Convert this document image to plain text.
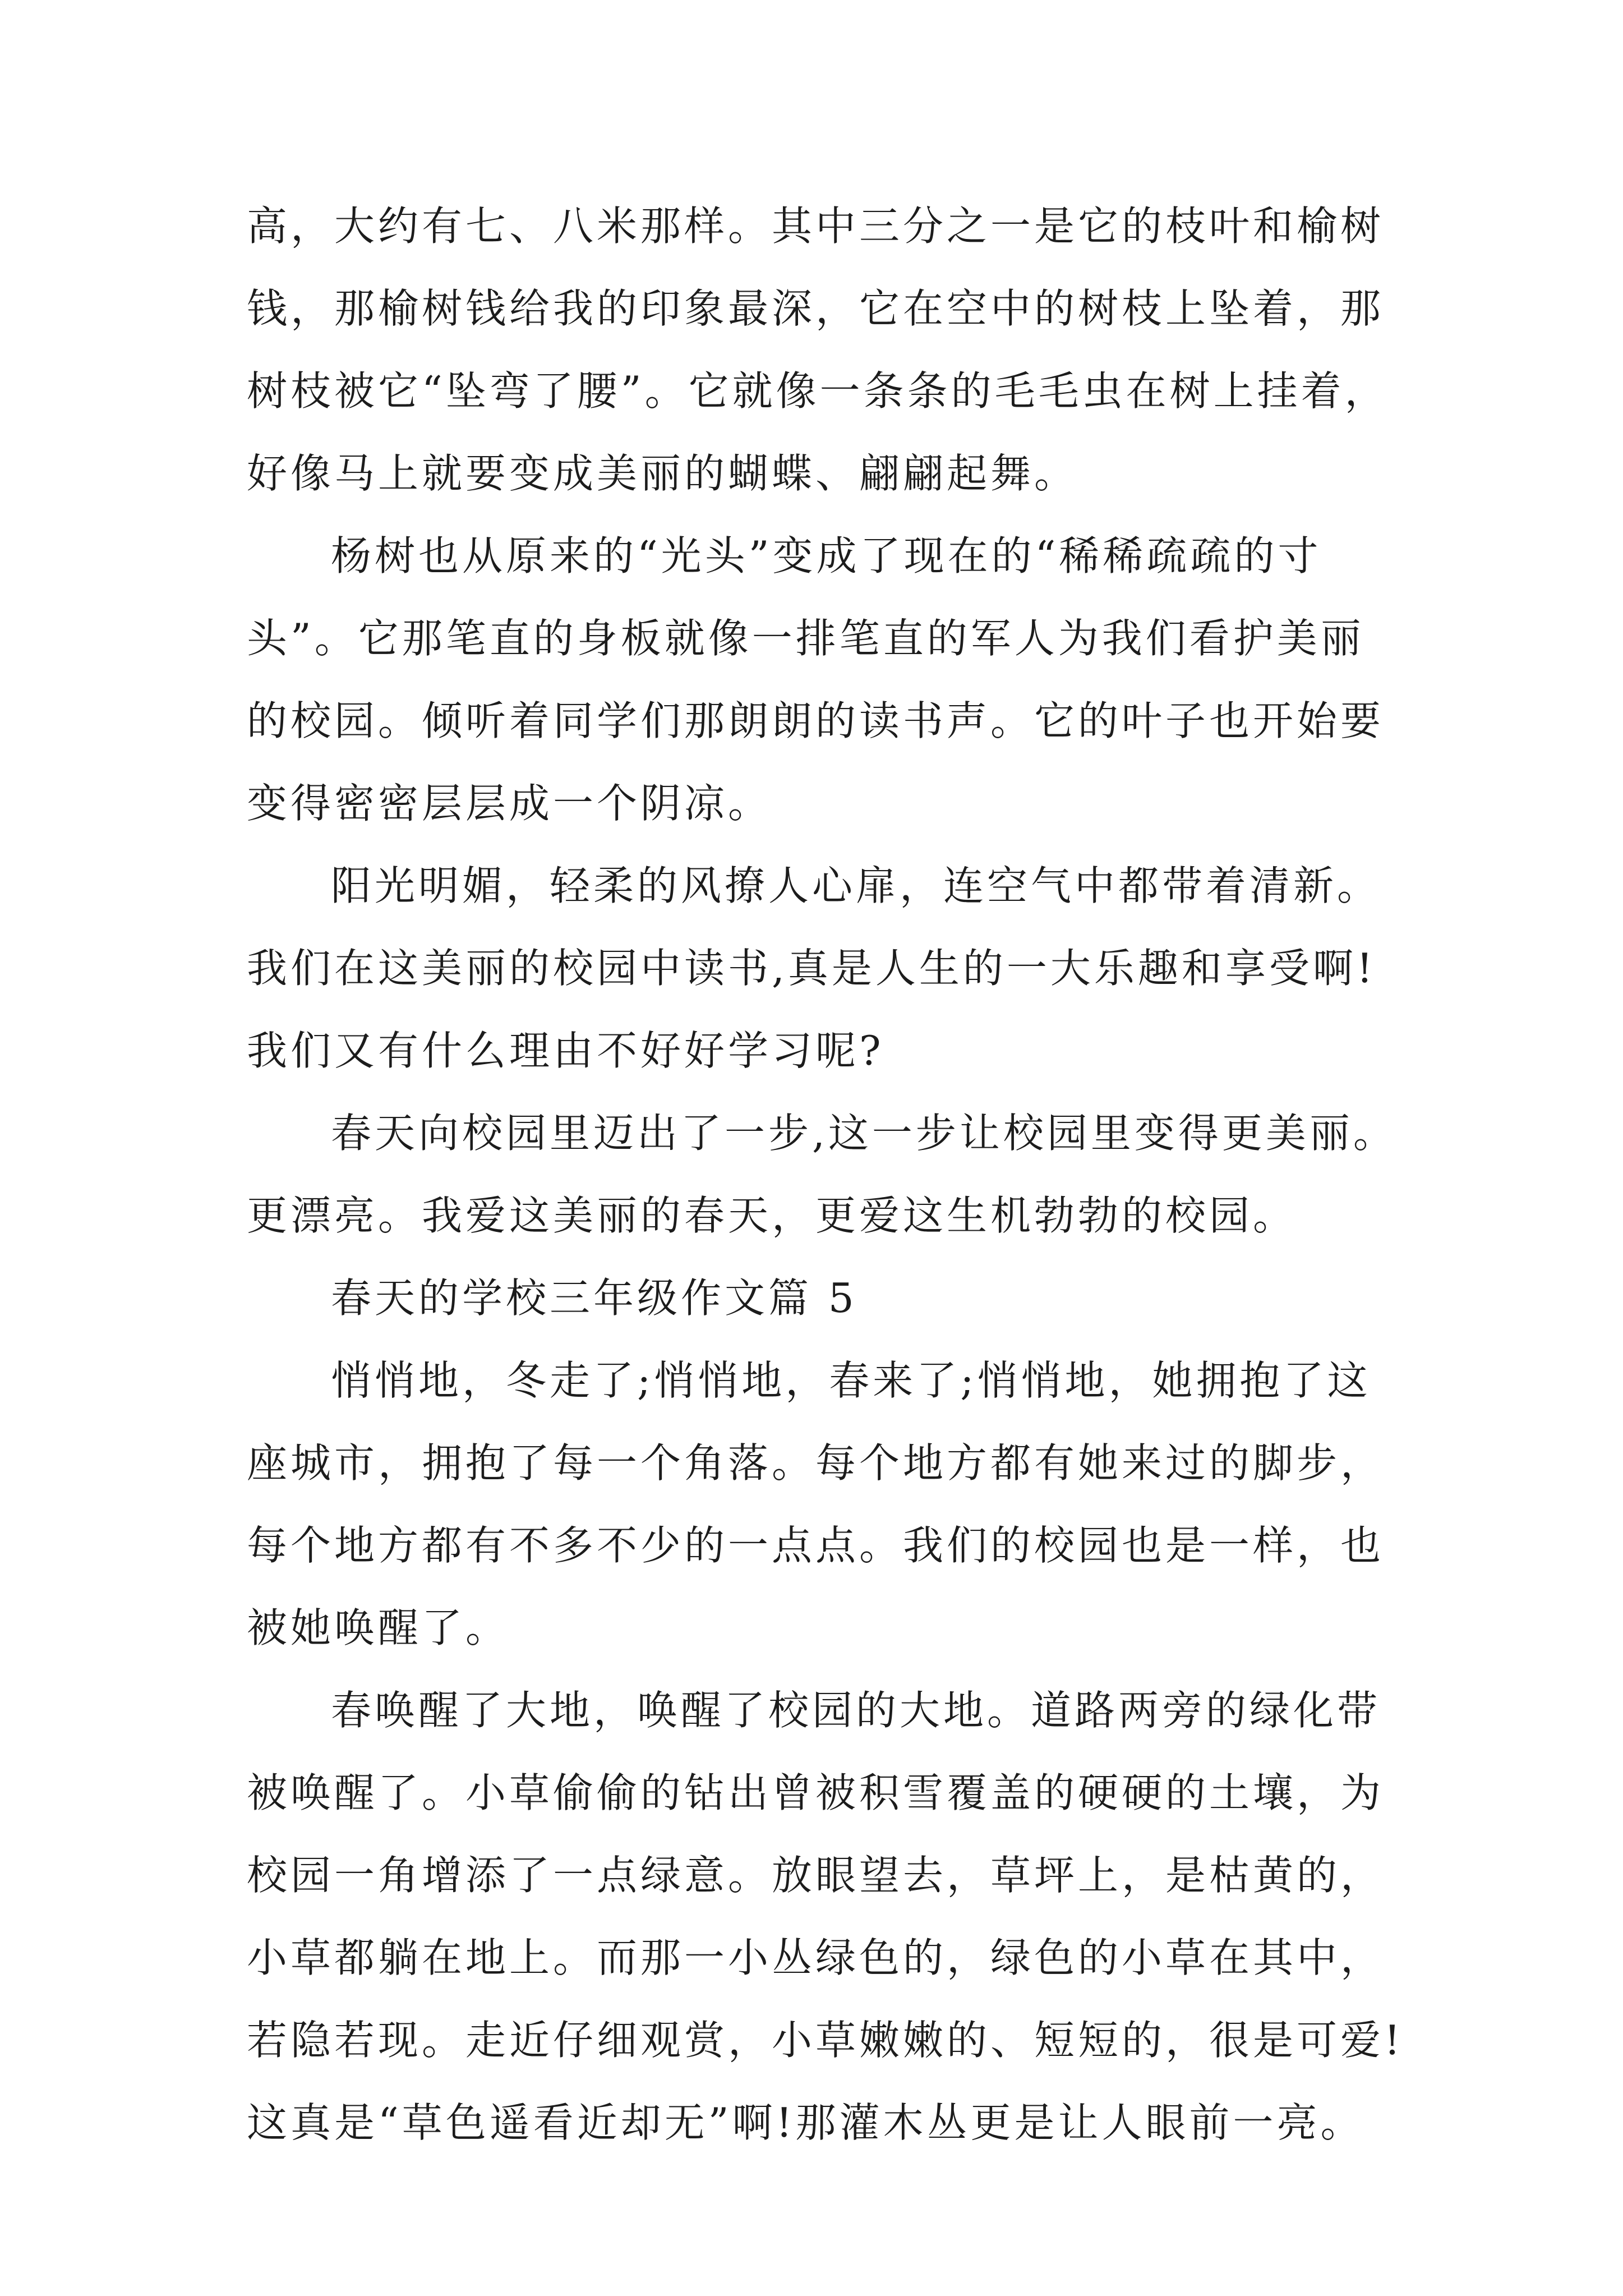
高，大约有七、八米那样。其中三分之一是它的枝叶和榆树
钱，那榆树钱给我的印象最深，它在空中的树枝上坠着，那
树枝被它“坠弯了腰”。它就像一条条的毛毛虫在树上挂着，
好像马上就要变成美丽的蝴蝶、翩翩起舞。
杨树也从原来的“光头”变成了现在的“稀稀疏疏的寸
头”。它那笔直的身板就像一排笔直的军人为我们看护美丽
的校园。倾听着同学们那朗朗的读书声。它的叶子也开始要
变得密密层层成一个阴凉。
阳光明媚，轻柔的风撩人心扉，连空气中都带着清新。
我们在这美丽的校园中读书,真是人生的一大乐趣和享受啊!
我们又有什么理由不好好学习呢?
春天向校园里迈出了一步,这一步让校园里变得更美丽。
更漂亮。我爱这美丽的春天，更爱这生机勃勃的校园。
春天的学校三年级作文篇 5
悄悄地，冬走了;悄悄地，春来了;悄悄地，她拥抱了这
座城市，拥抱了每一个角落。每个地方都有她来过的脚步，
每个地方都有不多不少的一点点。我们的校园也是一样，也
被她唤醒了。
春唤醒了大地，唤醒了校园的大地。道路两旁的绿化带
被唤醒了。小草偷偷的钻出曾被积雪覆盖的硬硬的土壤，为
校园一角增添了一点绿意。放眼望去，草坪上，是枯黄的，
小草都躺在地上。而那一小丛绿色的，绿色的小草在其中，
若隐若现。走近仔细观赏，小草嫩嫩的、短短的，很是可爱!
这真是“草色遥看近却无”啊!那灌木丛更是让人眼前一亮。
